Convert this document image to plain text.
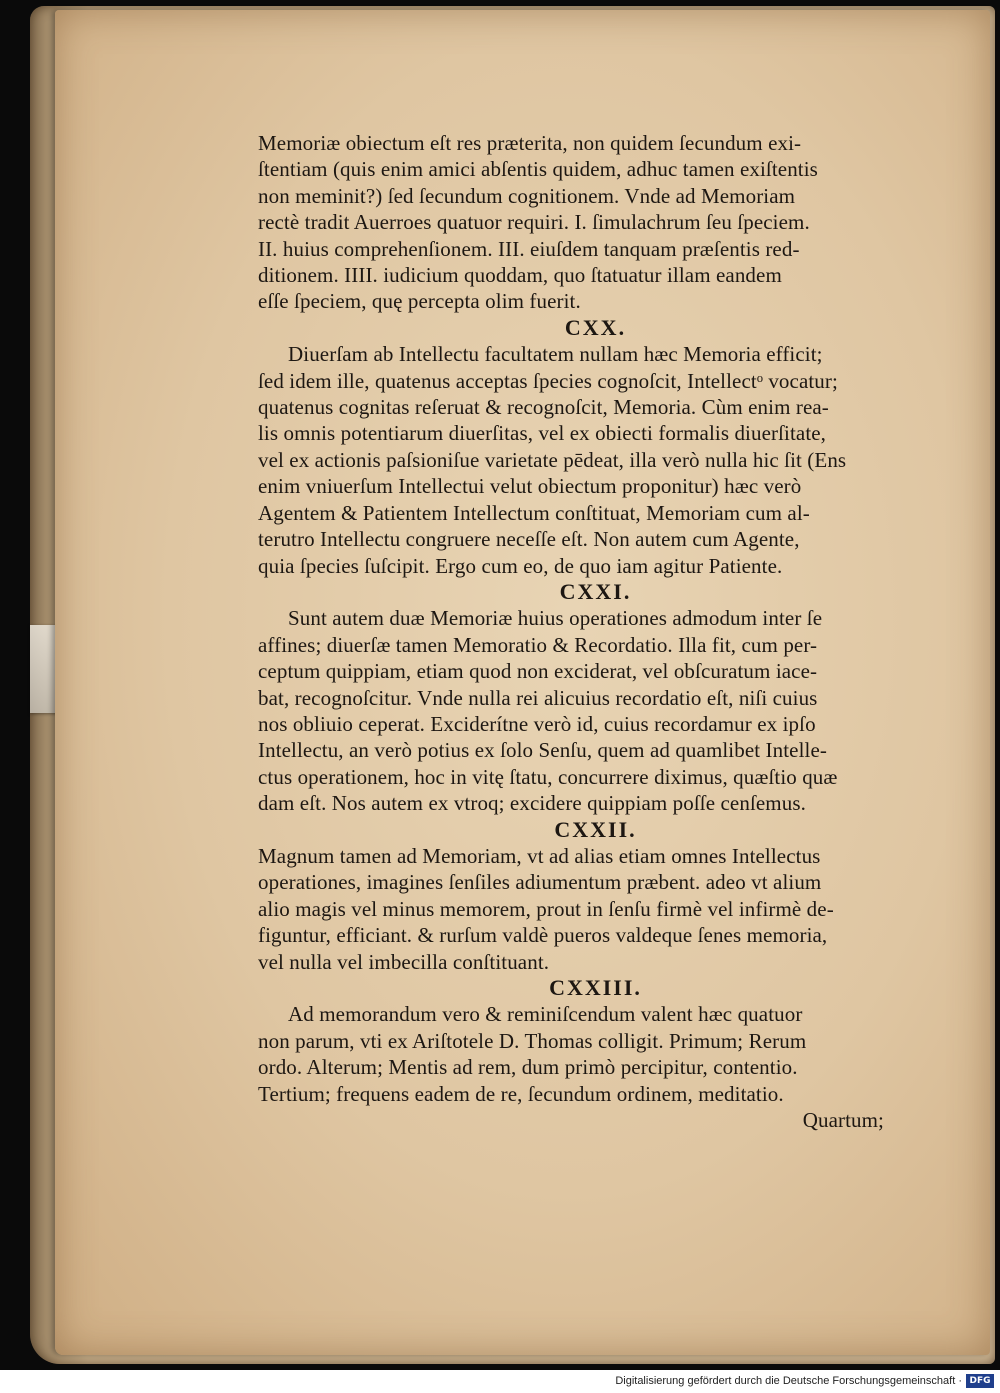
Memoriæ obiectum eſt res præterita, non quidem ſecundum exi-
ſtentiam (quis enim amici abſentis quidem, adhuc tamen exiſtentis
non meminit?) ſed ſecundum cognitionem. Vnde ad Memoriam
rectè tradit Auerroes quatuor requiri. I. ſimulachrum ſeu ſpeciem.
II. huius comprehenſionem. III. eiuſdem tanquam præſentis red-
ditionem. IIII. iudicium quoddam, quo ſtatuatur illam eandem
eſſe ſpeciem, quę percepta olim fuerit.
CXX.
Diuerſam ab Intellectu facultatem nullam hæc Memoria efficit;
ſed idem ille, quatenus acceptas ſpecies cognoſcit, Intellectᵒ vocatur;
quatenus cognitas reſeruat & recognoſcit, Memoria. Cùm enim rea-
lis omnis potentiarum diuerſitas, vel ex obiecti formalis diuerſitate,
vel ex actionis paſsioniſue varietate pēdeat, illa verò nulla hic ſit (Ens
enim vniuerſum Intellectui velut obiectum proponitur) hæc verò
Agentem & Patientem Intellectum conſtituat, Memoriam cum al-
terutro Intellectu congruere neceſſe eſt. Non autem cum Agente,
quia ſpecies ſuſcipit. Ergo cum eo, de quo iam agitur Patiente.
CXXI.
Sunt autem duæ Memoriæ huius operationes admodum inter ſe
affines; diuerſæ tamen Memoratio & Recordatio. Illa fit, cum per-
ceptum quippiam, etiam quod non exciderat, vel obſcuratum iace-
bat, recognoſcitur. Vnde nulla rei alicuius recordatio eſt, niſi cuius
nos obliuio ceperat. Exciderítne verò id, cuius recordamur ex ipſo
Intellectu, an verò potius ex ſolo Senſu, quem ad quamlibet Intelle-
ctus operationem, hoc in vitę ſtatu, concurrere diximus, quæſtio quæ
dam eſt. Nos autem ex vtroq; excidere quippiam poſſe cenſemus.
CXXII.
Magnum tamen ad Memoriam, vt ad alias etiam omnes Intellectus
operationes, imagines ſenſiles adiumentum præbent. adeo vt alium
alio magis vel minus memorem, prout in ſenſu firmè vel infirmè de-
figuntur, efficiant. & rurſum valdè pueros valdeque ſenes memoria,
vel nulla vel imbecilla conſtituant.
CXXIII.
Ad memorandum vero & reminiſcendum valent hæc quatuor
non parum, vti ex Ariſtotele D. Thomas colligit. Primum; Rerum
ordo. Alterum; Mentis ad rem, dum primò percipitur, contentio.
Tertium; frequens eadem de re, ſecundum ordinem, meditatio.
Quartum;
Digitalisierung gefördert durch die Deutsche Forschungsgemeinschaft · DFG
